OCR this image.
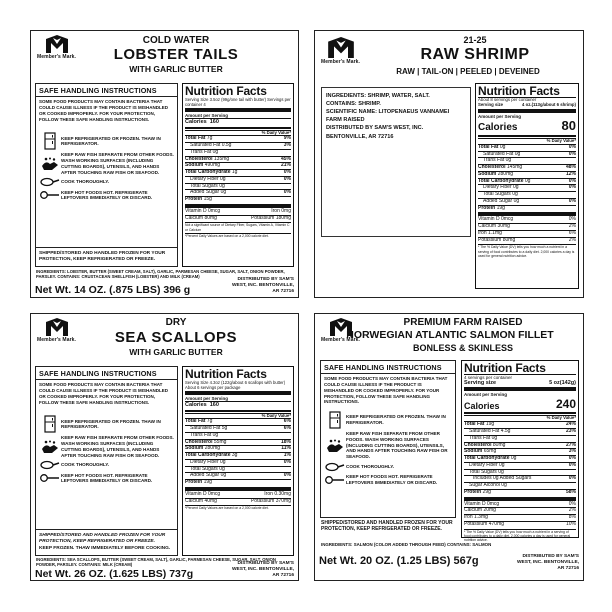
Member's Mark.
COLD WATER
LOBSTER TAILS
WITH GARLIC BUTTER
SAFE HANDLING INSTRUCTIONS
SOME FOOD PRODUCTS MAY CONTAIN BACTERIA THAT COULD CAUSE ILLNESS IF THE PRODUCT IS MISHANDLED OR COOKED IMPROPERLY. FOR YOUR PROTECTION, FOLLOW THESE SAFE HANDLING INSTRUCTIONS.
KEEP REFRIGERATED OR FROZEN. THAW IN REFRIGERATOR.
KEEP RAW FISH SEPARATE FROM OTHER FOODS. WASH WORKING SURFACES (INCLUDING CUTTING BOARDS), UTENSILS, AND HANDS AFTER TOUCHING RAW FISH OR SEAFOOD.
COOK THOROUGHLY.
KEEP HOT FOODS HOT. REFRIGERATE LEFTOVERS IMMEDIATELY OR DISCARD.
SHIPPED/STORED AND HANDLED FROZEN FOR YOUR PROTECTION, KEEP REFRIGERATED OR FREEZE.
Nutrition Facts
Serving Size 3.5oz (99g/one tail with butter) Servings per container 4
Amount per Serving
Calories 160
% Daily Value*
Total Fat 7g	9%
Saturated Fat 0.5g	3%
Trans Fat 0g
Cholesterol 135mg	45%
Sodium 490mg	21%
Total Carbohydrate 1g	0%
Dietary Fiber 0g	0%
Total Sugars 0g
Added Sugar 0g	0%
Protein 15g
Vitamin D 0mcg	Iron 0mg
Calcium 80mg	Potassium 180mg
Not a significant source of Dietary Fiber, Sugars, Vitamin A, Vitamin C or Calcium
*Percent Daily Values are based on a 2,000 calorie diet.
INGREDIENTS: LOBSTER, BUTTER (SWEET CREAM, SALT), GARLIC, PARMESAN CHEESE, SUGAR, SALT, ONION POWDER, PARSLEY. CONTAINS: CRUSTACEAN SHELLFISH (LOBSTER) AND MILK (CREAM)
Net Wt. 14 OZ. (.875 LBS) 396 g
DISTRIBUTED BY SAM'S WEST, INC. BENTONVILLE, AR 72716
Member's Mark.
21-25
RAW SHRIMP
RAW | TAIL-ON | PEELED | DEVEINED
INGREDIENTS: SHRIMP, WATER, SALT.
CONTAINS: SHRIMP.
SCIENTIFIC NAME: LITOPENAEUS VANNAMEI
FARM RAISED
DISTRIBUTED BY SAM'S WEST, INC.
BENTONVILLE, AR 72716
Nutrition Facts
About 8 servings per container
Serving size	4 oz.(113g/about 6 shrimp)
Amount per Serving
Calories	80
% Daily Value*
Total Fat 0g	0%
Saturated Fat 0g	0%
Trans Fat 0g
Cholesterol 145mg	48%
Sodium 280mg	12%
Total Carbohydrate 0g	0%
Dietary Fiber 0g	0%
Total Sugars 0g
Added Sugar 0g	0%
Protein 19g
Vitamin D 0mcg	0%
Calcium 30mg	2%
Iron 1.1mg	6%
Potassium 80mg	2%
* The % Daily Value (DV) tells you how much a nutrient in a serving of food contributes to a daily diet. 2,000 calories a day is used for general nutrition advice.
Member's Mark.
DRY
SEA SCALLOPS
WITH GARLIC BUTTER
SAFE HANDLING INSTRUCTIONS
SOME FOOD PRODUCTS MAY CONTAIN BACTERIA THAT COULD CAUSE ILLNESS IF THE PRODUCT IS MISHANDLED OR COOKED IMPROPERLY. FOR YOUR PROTECTION, FOLLOW THESE SAFE HANDLING INSTRUCTIONS.
KEEP REFRIGERATED OR FROZEN. THAW IN REFRIGERATOR.
KEEP RAW FISH SEPARATE FROM OTHER FOODS. WASH WORKING SURFACES (INCLUDING CUTTING BOARDS), UTENSILS, AND HANDS AFTER TOUCHING RAW FISH OR SEAFOOD.
COOK THOROUGHLY.
KEEP HOT FOODS HOT. REFRIGERATE LEFTOVERS IMMEDIATELY OR DISCARD.
SHIPPED/STORED AND HANDLED FROZEN FOR YOUR PROTECTION, KEEP REFRIGERATED OR FREEZE.
KEEP FROZEN. THAW IMMEDIATELY BEFORE COOKING.
Nutrition Facts
Serving Size 4.3oz (122g/about 6 scallops with butter) About 6 servings per package
Amount per Serving
Calories 160
% Daily Value*
Total Fat 7g	6%
Saturated Fat 5g	6%
Trans Fat 0g
Cholesterol 55mg	18%
Sodium 280mg	11%
Total Carbohydrate 3g	1%
Dietary Fiber 0g	0%
Total Sugars 0g
Added Sugar 0g	0%
Protein 19g
Vitamin D 0mcg	Iron 0.30mg
Calcium 40mg	Potassium 370mg
*Percent Daily Values are based on a 2,000 calorie diet.
INGREDIENTS: SEA SCALLOPS, BUTTER (SWEET CREAM, SALT), GARLIC, PARMESAN CHEESE, SUGAR, SALT, ONION POWDER, PARSLEY. CONTAINS: MILK (CREAM)
Net Wt. 26 OZ. (1.625 LBS) 737g
DISTRIBUTED BY SAM'S WEST, INC. BENTONVILLE, AR 72716
Member's Mark.
PREMIUM FARM RAISED
NORWEGIAN ATLANTIC SALMON FILLET
BONLESS & SKINLESS
SAFE HANDLING INSTRUCTIONS
SOME FOOD PRODUCTS MAY CONTAIN BACTERIA THAT COULD CAUSE ILLNESS IF THE PRODUCT IS MISHANDLED OR COOKED IMPROPERLY. FOR YOUR PROTECTION, FOLLOW THESE SAFE HANDLING INSTRUCTIONS.
KEEP REFRIGERATED OR FROZEN. THAW IN REFRIGERATOR.
KEEP RAW FISH SEPARATE FROM OTHER FOODS. WASH WORKING SURFACES (INCLUDING CUTTING BOARDS), UTENSILS, AND HANDS AFTER TOUCHING RAW FISH OR SEAFOOD.
COOK THOROUGHLY.
KEEP HOT FOODS HOT. REFRIGERATE LEFTOVERS IMMEDIATELY OR DISCARD.
SHIPPED/STORED AND HANDLED FROZEN FOR YOUR PROTECTION, KEEP REFRIGERATED OR FREEZE.
Nutrition Facts
4 servings per container
Serving size	5 oz(142g)
Amount per Serving
Calories	240
% Daily Value*
Total Fat 19g	24%
Saturated Fat 4.5g	23%
Trans Fat 0g
Cholesterol 80mg	27%
Sodium 65mg	3%
Total Carbohydrate 0g	0%
Dietary Fiber 0g	0%
Total Sugars 0g
Includes 0g Added Sugars	0%
Sugar Alcohol 0g
Protein 29g	58%
Vitamin D 0mcg	0%
Calcium 20mg	2%
Iron 1.3mg	8%
Potassium 470mg	10%
* The % Daily Value (DV) tells you how much a nutrient in a serving of food contributes to a daily diet. 2,000 calories a day is used for general nutrition advice.
INGREDIENTS: SALMON (COLOR ADDED THROUGH FEED) CONTAINS: SALMON
Net Wt. 20 OZ. (1.25 LBS) 567g	DISTRIBUTED BY SAM'S WEST, INC. BENTONVILLE, AR 72716
